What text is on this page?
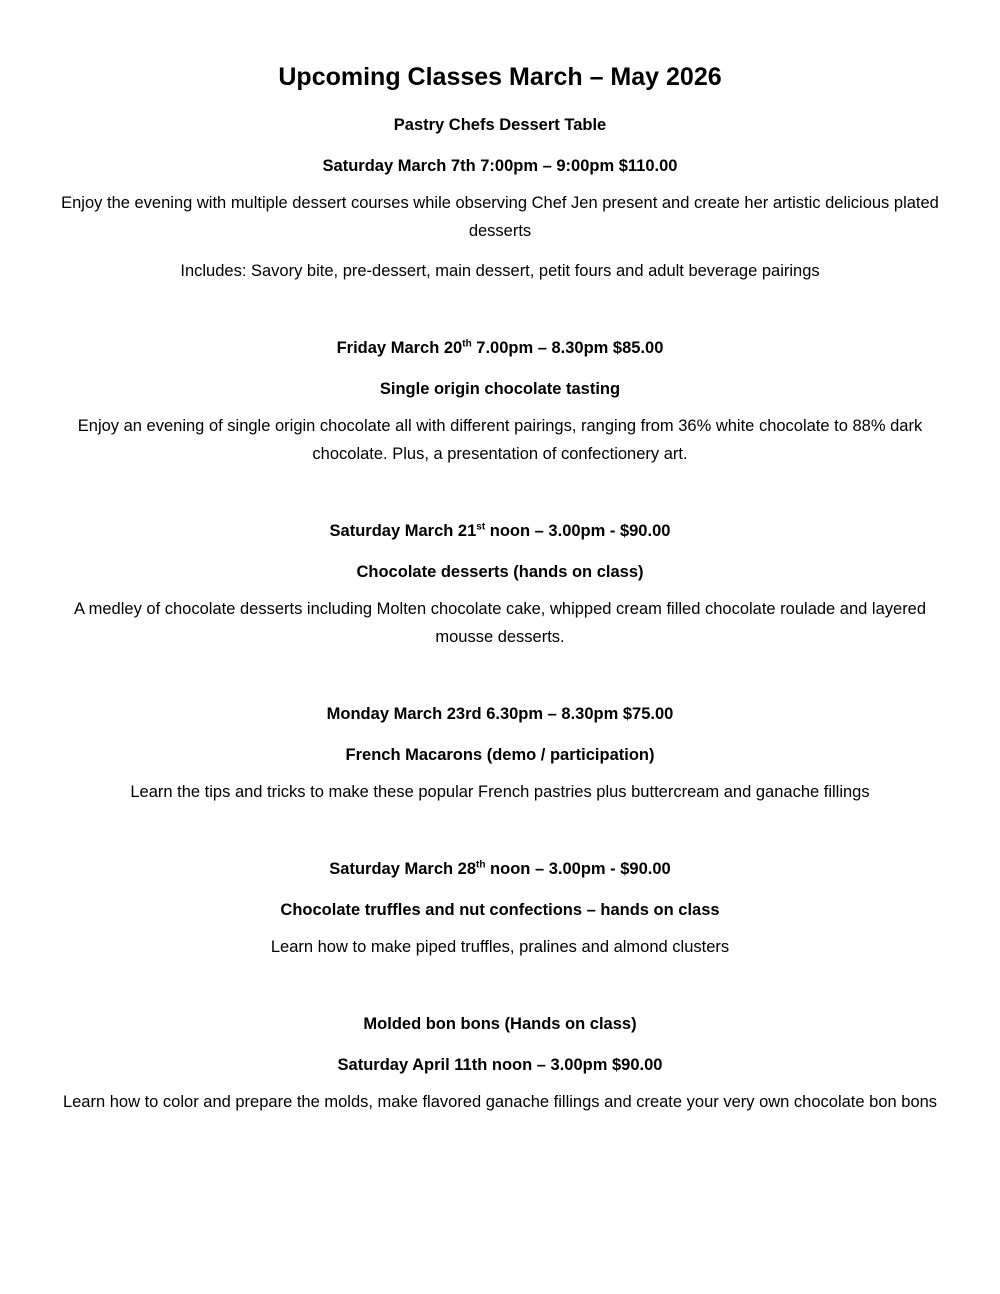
Upcoming Classes March – May 2026

Pastry Chefs Dessert Table

Saturday March 7th 7:00pm – 9:00pm $110.00

Enjoy the evening with multiple dessert courses while observing Chef Jen present and create her artistic delicious plated desserts

Includes: Savory bite, pre-dessert, main dessert, petit fours and adult beverage pairings

Friday March 20th 7.00pm – 8.30pm $85.00

Single origin chocolate tasting

Enjoy an evening of single origin chocolate all with different pairings, ranging from 36% white chocolate to 88% dark chocolate. Plus, a presentation of confectionery art.

Saturday March 21st noon – 3.00pm - $90.00

Chocolate desserts (hands on class)

A medley of chocolate desserts including Molten chocolate cake, whipped cream filled chocolate roulade and layered mousse desserts.

Monday March 23rd 6.30pm – 8.30pm $75.00

French Macarons (demo / participation)

Learn the tips and tricks to make these popular French pastries plus buttercream and ganache fillings

Saturday March 28th noon – 3.00pm - $90.00

Chocolate truffles and nut confections – hands on class

Learn how to make piped truffles, pralines and almond clusters

Molded bon bons (Hands on class)

Saturday April 11th noon – 3.00pm $90.00

Learn how to color and prepare the molds, make flavored ganache fillings and create your very own chocolate bon bons
